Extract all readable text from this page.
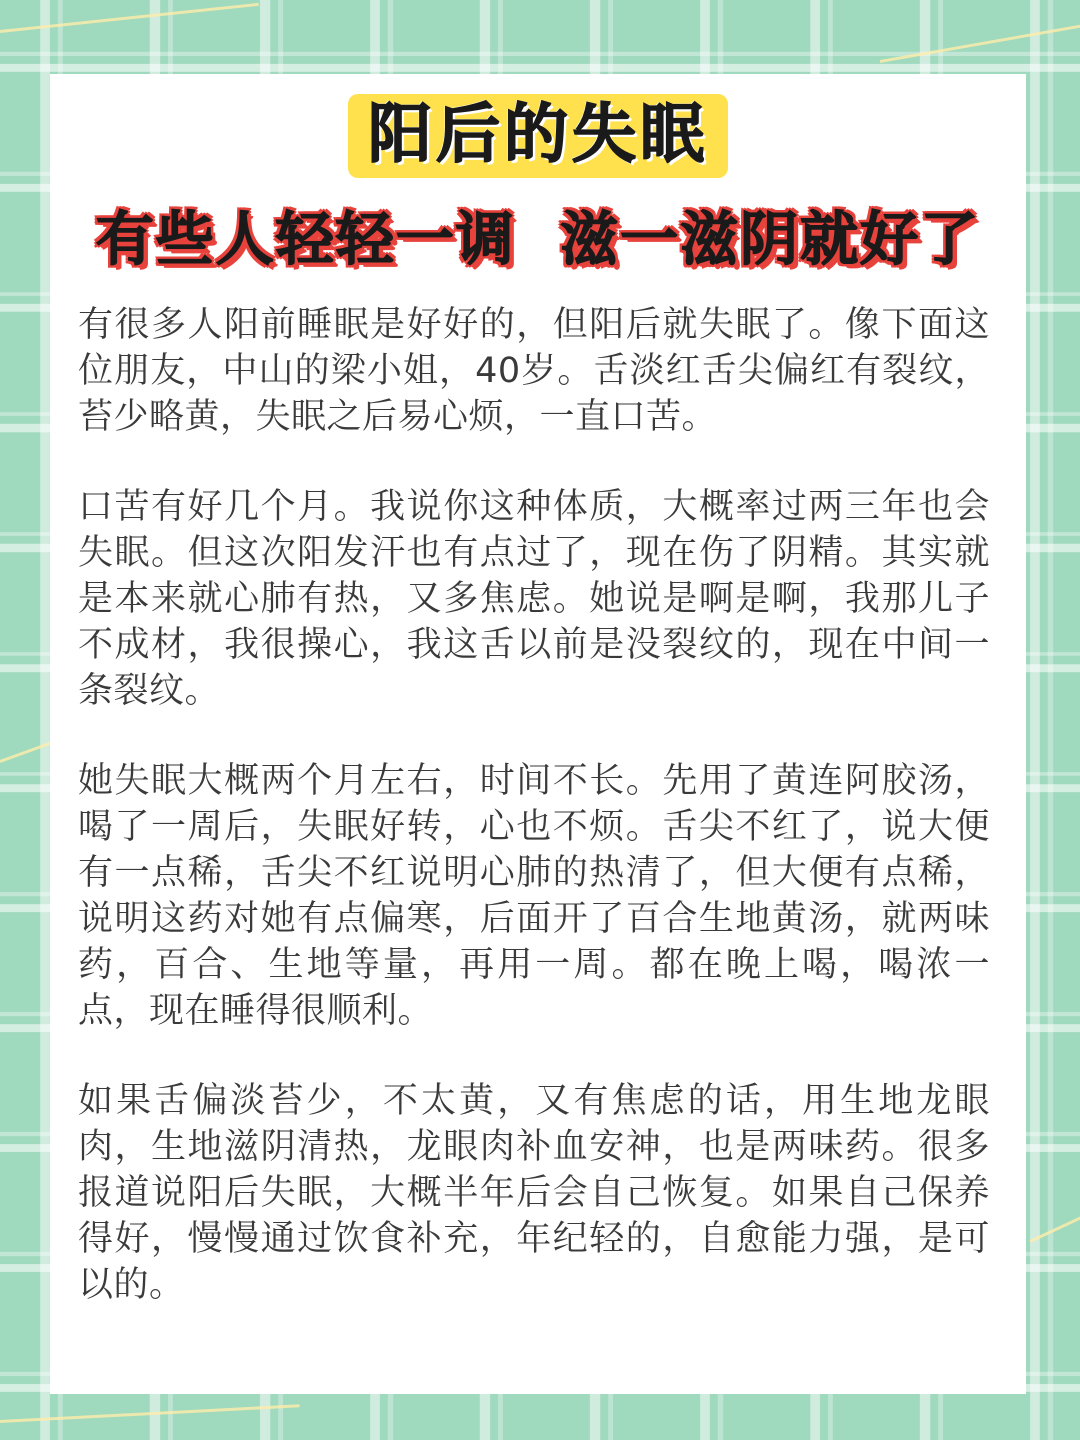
阳后的失眠
有些人轻轻一调  滋一滋阴就好了

有很多人阳前睡眠是好好的，但阳后就失眠了。像下面这位朋友，中山的梁小姐，40岁。舌淡红舌尖偏红有裂纹，苔少略黄，失眠之后易心烦，一直口苦。

口苦有好几个月。我说你这种体质，大概率过两三年也会失眠。但这次阳发汗也有点过了，现在伤了阴精。其实就是本来就心肺有热，又多焦虑。她说是啊是啊，我那儿子不成材，我很操心，我这舌以前是没裂纹的，现在中间一条裂纹。

她失眠大概两个月左右，时间不长。先用了黄连阿胶汤，喝了一周后，失眠好转，心也不烦。舌尖不红了，说大便有一点稀，舌尖不红说明心肺的热清了，但大便有点稀，说明这药对她有点偏寒，后面开了百合生地黄汤，就两味药，百合、生地等量，再用一周。都在晚上喝，喝浓一点，现在睡得很顺利。

如果舌偏淡苔少，不太黄，又有焦虑的话，用生地龙眼肉，生地滋阴清热，龙眼肉补血安神，也是两味药。很多报道说阳后失眠，大概半年后会自己恢复。如果自己保养得好，慢慢通过饮食补充，年纪轻的，自愈能力强，是可以的。
